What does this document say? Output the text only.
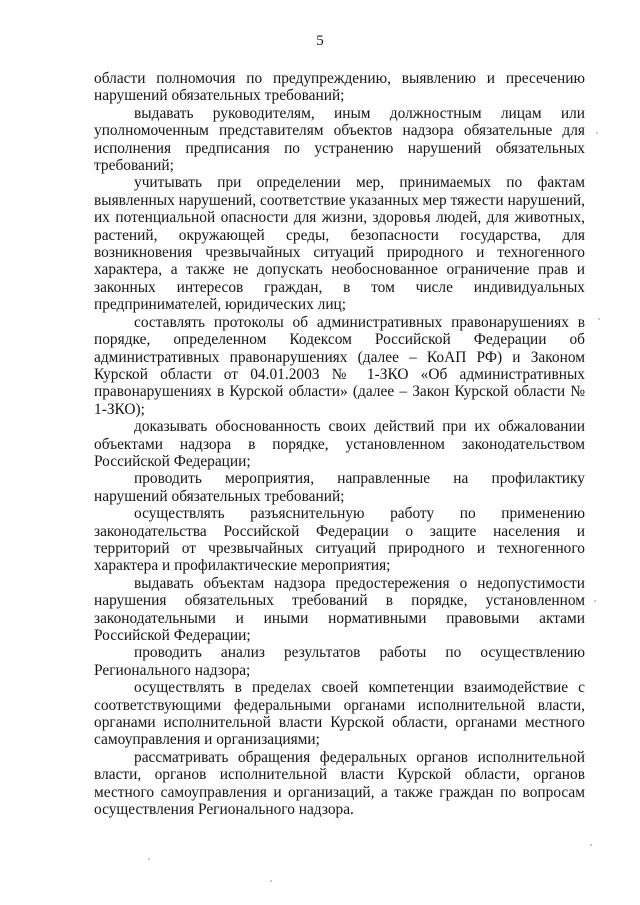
5

области полномочия по предупреждению, выявлению и пресечению нарушений обязательных требований;

выдавать руководителям, иным должностным лицам или уполномоченным представителям объектов надзора обязательные для исполнения предписания по устранению нарушений обязательных требований;

учитывать при определении мер, принимаемых по фактам выявленных нарушений, соответствие указанных мер тяжести нарушений, их потенциальной опасности для жизни, здоровья людей, для животных, растений, окружающей среды, безопасности государства, для возникновения чрезвычайных ситуаций природного и техногенного характера, а также не допускать необоснованное ограничение прав и законных интересов граждан, в том числе индивидуальных предпринимателей, юридических лиц;

составлять протоколы об административных правонарушениях в порядке, определенном Кодексом Российской Федерации об административных правонарушениях (далее – КоАП РФ) и Законом Курской области от 04.01.2003 № 1-ЗКО «Об административных правонарушениях в Курской области» (далее – Закон Курской области № 1-ЗКО);

доказывать обоснованность своих действий при их обжаловании объектами надзора в порядке, установленном законодательством Российской Федерации;

проводить мероприятия, направленные на профилактику нарушений обязательных требований;

осуществлять разъяснительную работу по применению законодательства Российской Федерации о защите населения и территорий от чрезвычайных ситуаций природного и техногенного характера и профилактические мероприятия;

выдавать объектам надзора предостережения о недопустимости нарушения обязательных требований в порядке, установленном законодательными и иными нормативными правовыми актами Российской Федерации;

проводить анализ результатов работы по осуществлению Регионального надзора;

осуществлять в пределах своей компетенции взаимодействие с соответствующими федеральными органами исполнительной власти, органами исполнительной власти Курской области, органами местного самоуправления и организациями;

рассматривать обращения федеральных органов исполнительной власти, органов исполнительной власти Курской области, органов местного самоуправления и организаций, а также граждан по вопросам осуществления Регионального надзора.
